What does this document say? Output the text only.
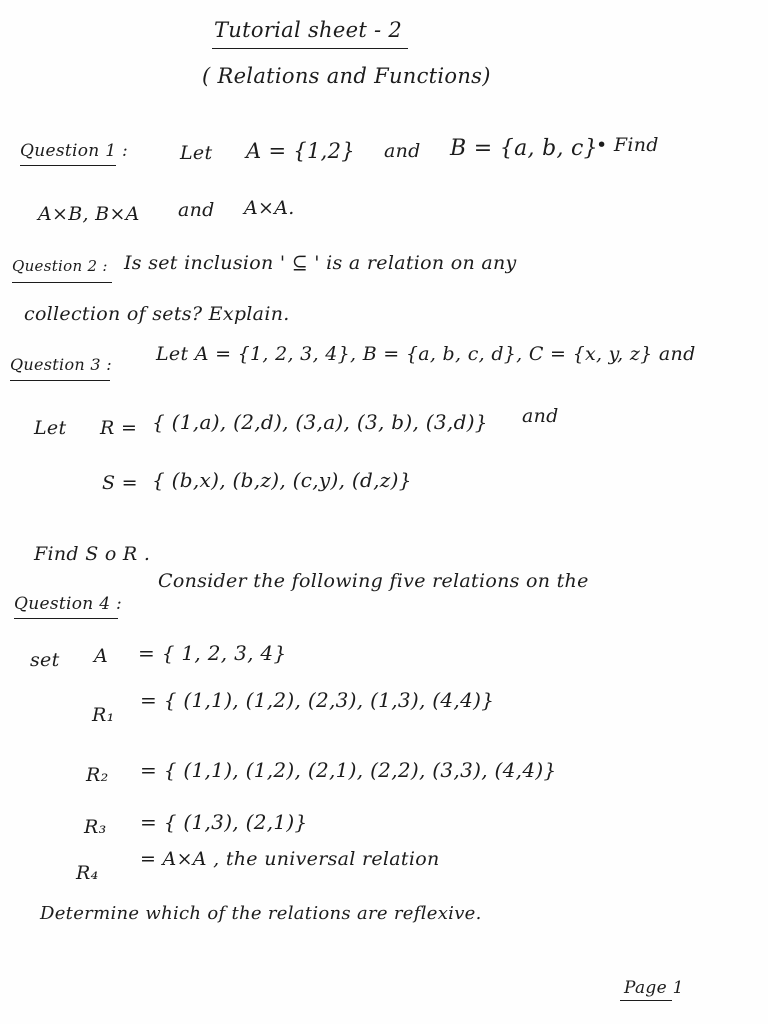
Tutorial sheet - 2
( Relations and Functions)
Question 1 :	Let A = {1,2} and B = {a, b, c}
• Find
A×B, B×A and A×A.
Question 2 : Is set inclusion ' ⊆ ' is a relation on any
collection of sets? Explain.
Question 3 : Let A = {1, 2, 3, 4}, B = {a, b, c, d}, C = {x, y, z} and
Let R = { (1,a), (2,d), (3,a), (3, b), (3,d)} and
S = { (b,x), (b,z), (c,y), (d,z)}
Find S o R .
Question 4 :
Consider the following five relations on the
set A = { 1, 2, 3, 4}
R₁
= { (1,1), (1,2), (2,3), (1,3), (4,4)}
R₂ = { (1,1), (1,2), (2,1), (2,2), (3,3), (4,4)}
R₃ = { (1,3), (2,1)}
R₄
= A×A , the universal relation
Determine which of the relations are reflexive.
Page 1
